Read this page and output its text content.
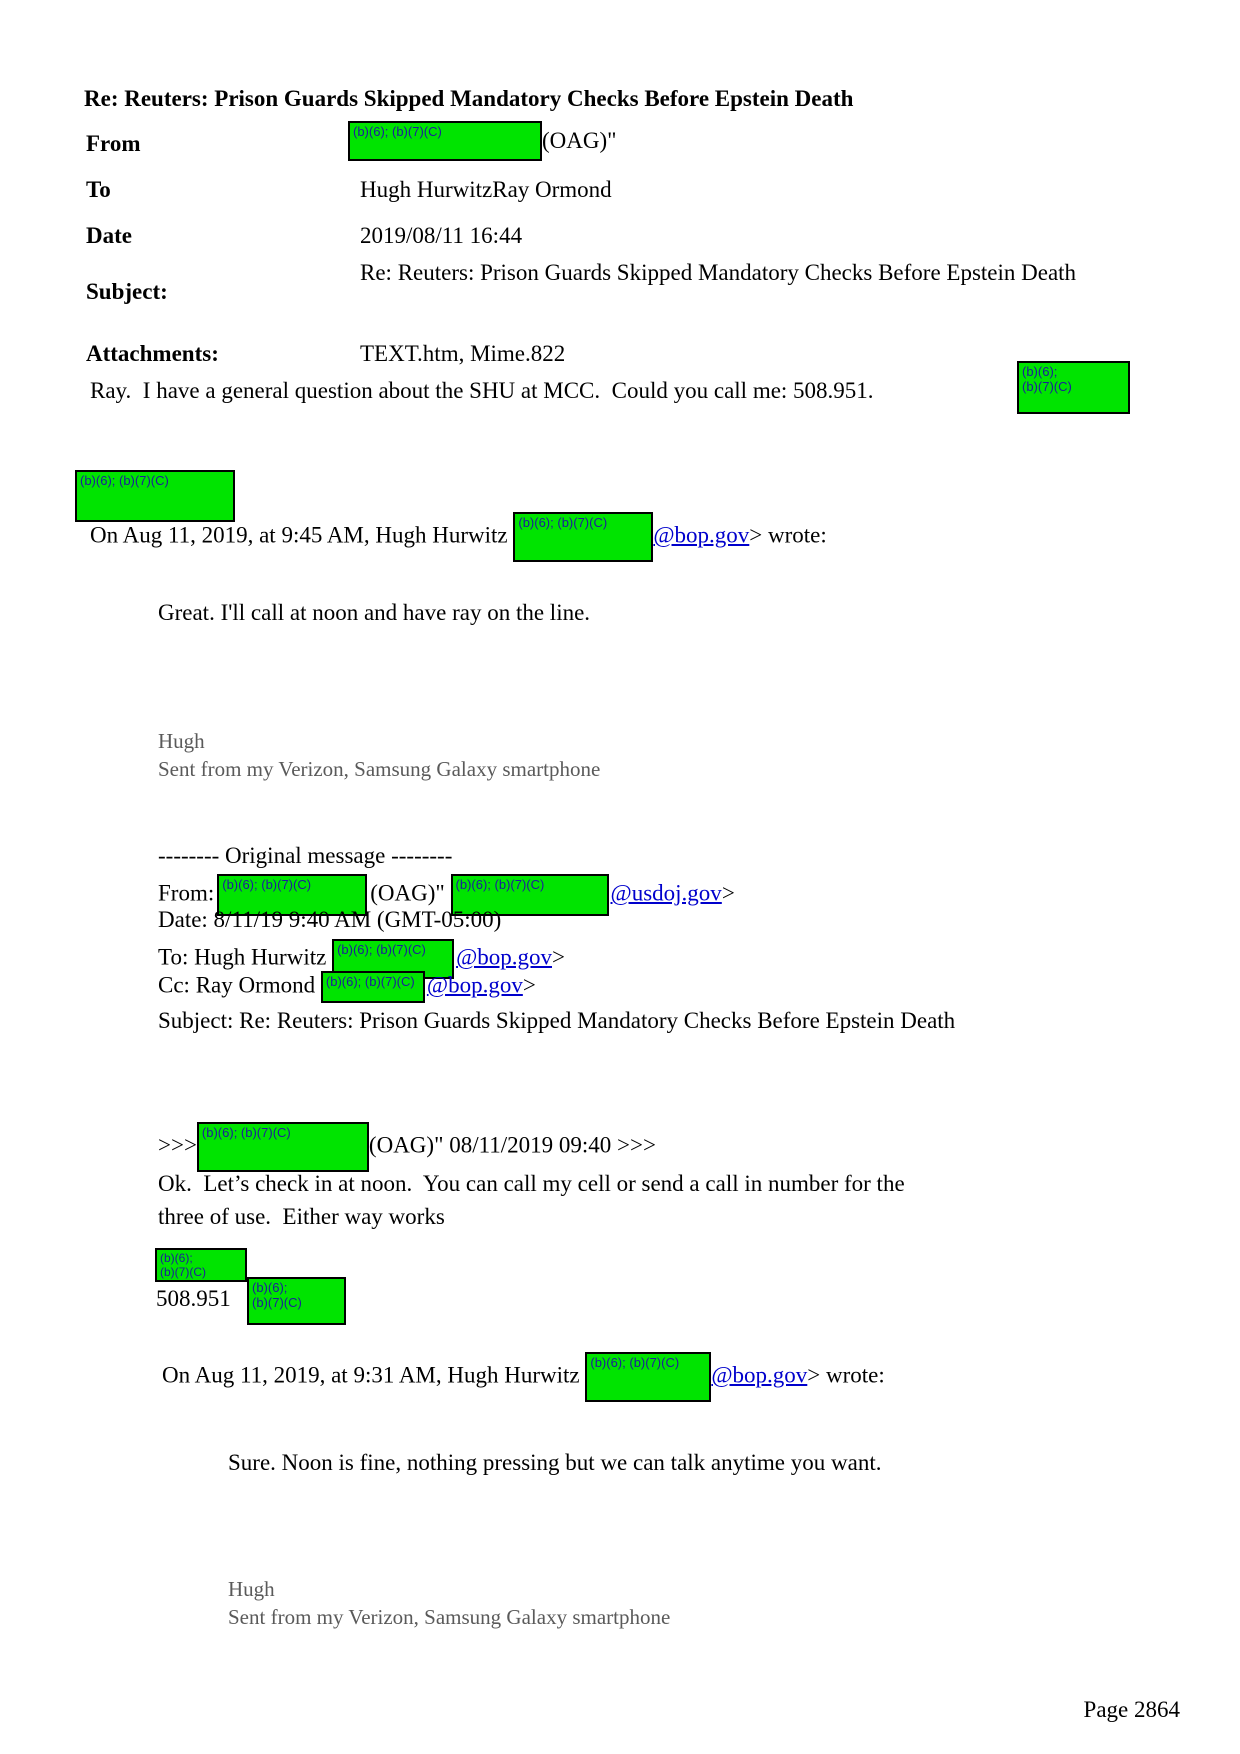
Re: Reuters: Prison Guards Skipped Mandatory Checks Before Epstein Death
From	(b)(6); (b)(7)(C)	(OAG)"
To	Hugh HurwitzRay Ormond
Date	2019/08/11 16:44
Subject:
Re: Reuters: Prison Guards Skipped Mandatory Checks Before Epstein Death
Attachments:	TEXT.htm, Mime.822
Ray.  I have a general question about the SHU at MCC.  Could you call me: 508.951.
(b)(6);
(b)(7)(C)
(b)(6); (b)(7)(C)
On Aug 11, 2019, at 9:45 AM, Hugh Hurwitz (b)(6); (b)(7)(C) @bop.gov> wrote:
Great. I'll call at noon and have ray on the line.
Hugh
Sent from my Verizon, Samsung Galaxy smartphone
-------- Original message --------
From: (b)(6); (b)(7)(C)	(OAG)" (b)(6); (b)(7)(C)	@usdoj.gov>
Date: 8/11/19 9:40 AM (GMT-05:00)
To: Hugh Hurwitz (b)(6); (b)(7)(C) @bop.gov>
Cc: Ray Ormond (b)(6); (b)(7)(C) @bop.gov>
Subject: Re: Reuters: Prison Guards Skipped Mandatory Checks Before Epstein Death
>>> (b)(6); (b)(7)(C)	(OAG)" 08/11/2019 09:40 >>>
Ok.  Let’s check in at noon.  You can call my cell or send a call in number for the
three of use.  Either way works
(b)(6);
(b)(7)(C)
508.951	(b)(6);
(b)(7)(C)
On Aug 11, 2019, at 9:31 AM, Hugh Hurwitz (b)(6); (b)(7)(C) @bop.gov> wrote:
Sure. Noon is fine, nothing pressing but we can talk anytime you want.
Hugh
Sent from my Verizon, Samsung Galaxy smartphone
Page 2864
